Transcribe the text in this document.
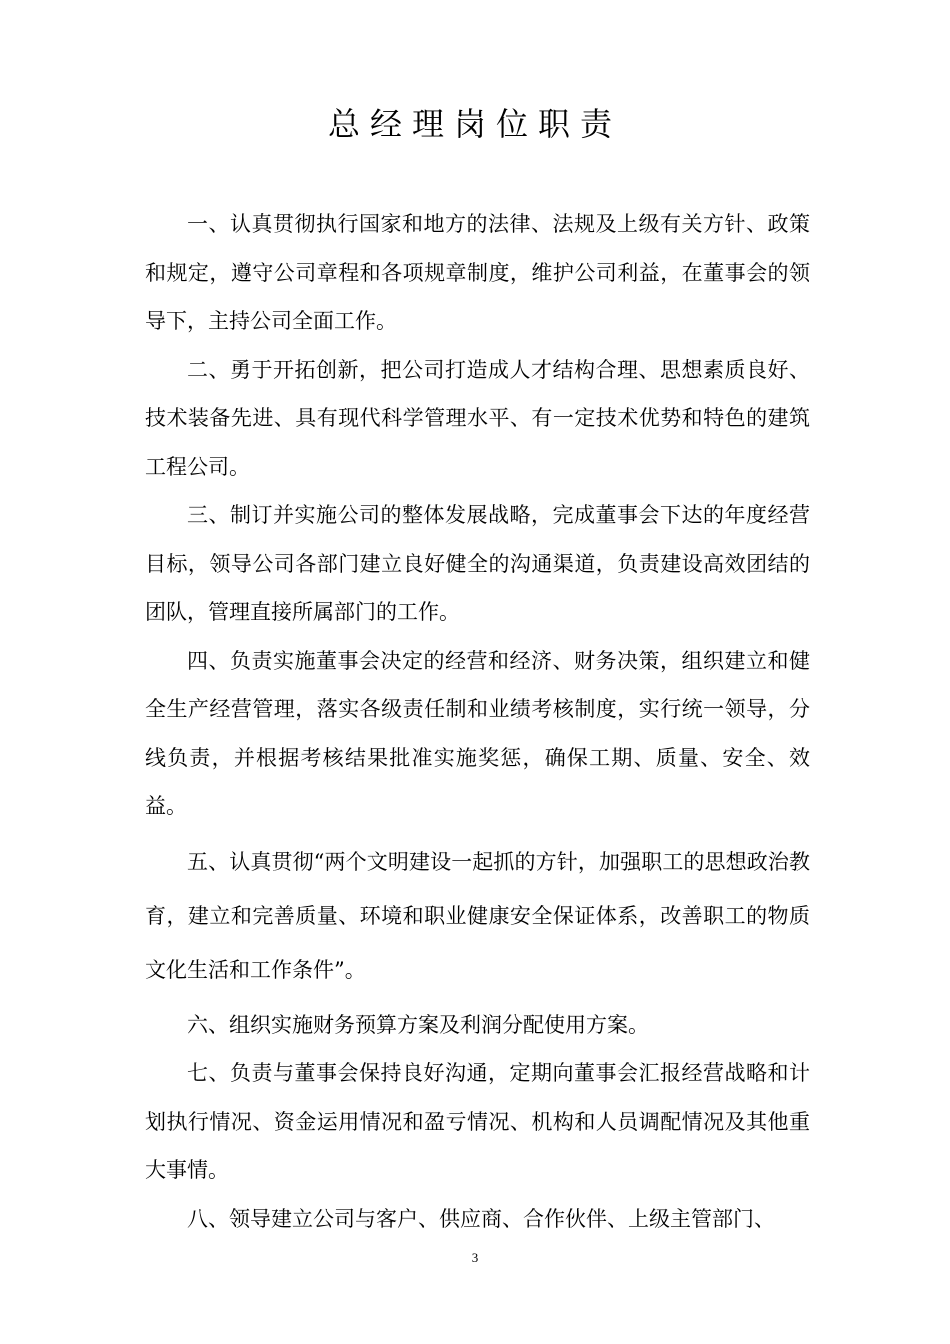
总经理岗位职责

一、认真贯彻执行国家和地方的法律、法规及上级有关方针、政策和规定，遵守公司章程和各项规章制度，维护公司利益，在董事会的领导下，主持公司全面工作。

二、勇于开拓创新，把公司打造成人才结构合理、思想素质良好、技术装备先进、具有现代科学管理水平、有一定技术优势和特色的建筑工程公司。

三、制订并实施公司的整体发展战略，完成董事会下达的年度经营目标，领导公司各部门建立良好健全的沟通渠道，负责建设高效团结的团队，管理直接所属部门的工作。

四、负责实施董事会决定的经营和经济、财务决策，组织建立和健全生产经营管理，落实各级责任制和业绩考核制度，实行统一领导，分线负责，并根据考核结果批准实施奖惩，确保工期、质量、安全、效益。

五、认真贯彻“两个文明建设一起抓的方针，加强职工的思想政治教育，建立和完善质量、环境和职业健康安全保证体系，改善职工的物质文化生活和工作条件”。

六、组织实施财务预算方案及利润分配使用方案。

七、负责与董事会保持良好沟通，定期向董事会汇报经营战略和计划执行情况、资金运用情况和盈亏情况、机构和人员调配情况及其他重大事情。

八、领导建立公司与客户、供应商、合作伙伴、上级主管部门、

3
